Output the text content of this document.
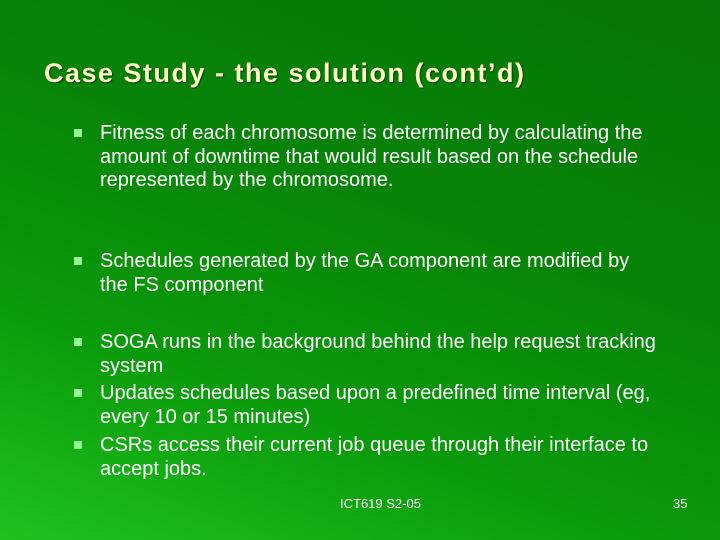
Case Study - the solution (cont’d)
Fitness of each chromosome is determined by calculating the amount of downtime that would result based on the schedule represented by the chromosome.
Schedules generated by the GA component are modified by the FS component
SOGA runs in the background behind the help request tracking system
Updates schedules based upon a predefined time interval (eg, every 10 or 15 minutes)
CSRs access their current job queue through their interface to accept jobs.
ICT619 S2-05	35
